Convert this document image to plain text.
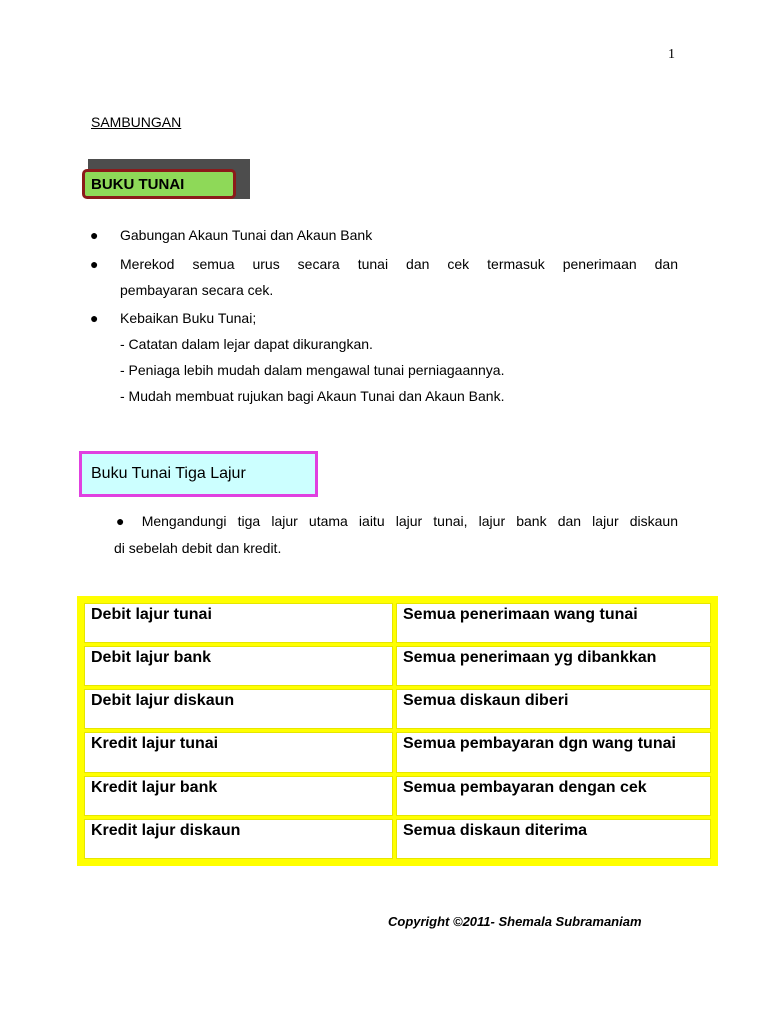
1
SAMBUNGAN
BUKU TUNAI
● Gabungan Akaun Tunai dan Akaun Bank
● Merekod semua urus secara tunai dan cek termasuk penerimaan dan
pembayaran secara cek.
● Kebaikan Buku Tunai;
- Catatan dalam lejar dapat dikurangkan.
- Peniaga lebih mudah dalam mengawal tunai perniagaannya.
- Mudah membuat rujukan bagi Akaun Tunai dan Akaun Bank.
Buku Tunai Tiga Lajur
● Mengandungi tiga lajur utama iaitu lajur tunai, lajur bank dan lajur diskaun
di sebelah debit dan kredit.
Debit lajur tunai	Semua penerimaan wang tunai
Debit lajur bank	Semua penerimaan yg dibankkan
Debit lajur diskaun	Semua diskaun diberi
Kredit lajur tunai	Semua pembayaran dgn wang tunai
Kredit lajur bank	Semua pembayaran dengan cek
Kredit lajur diskaun	Semua diskaun diterima
Copyright ©2011- Shemala Subramaniam
